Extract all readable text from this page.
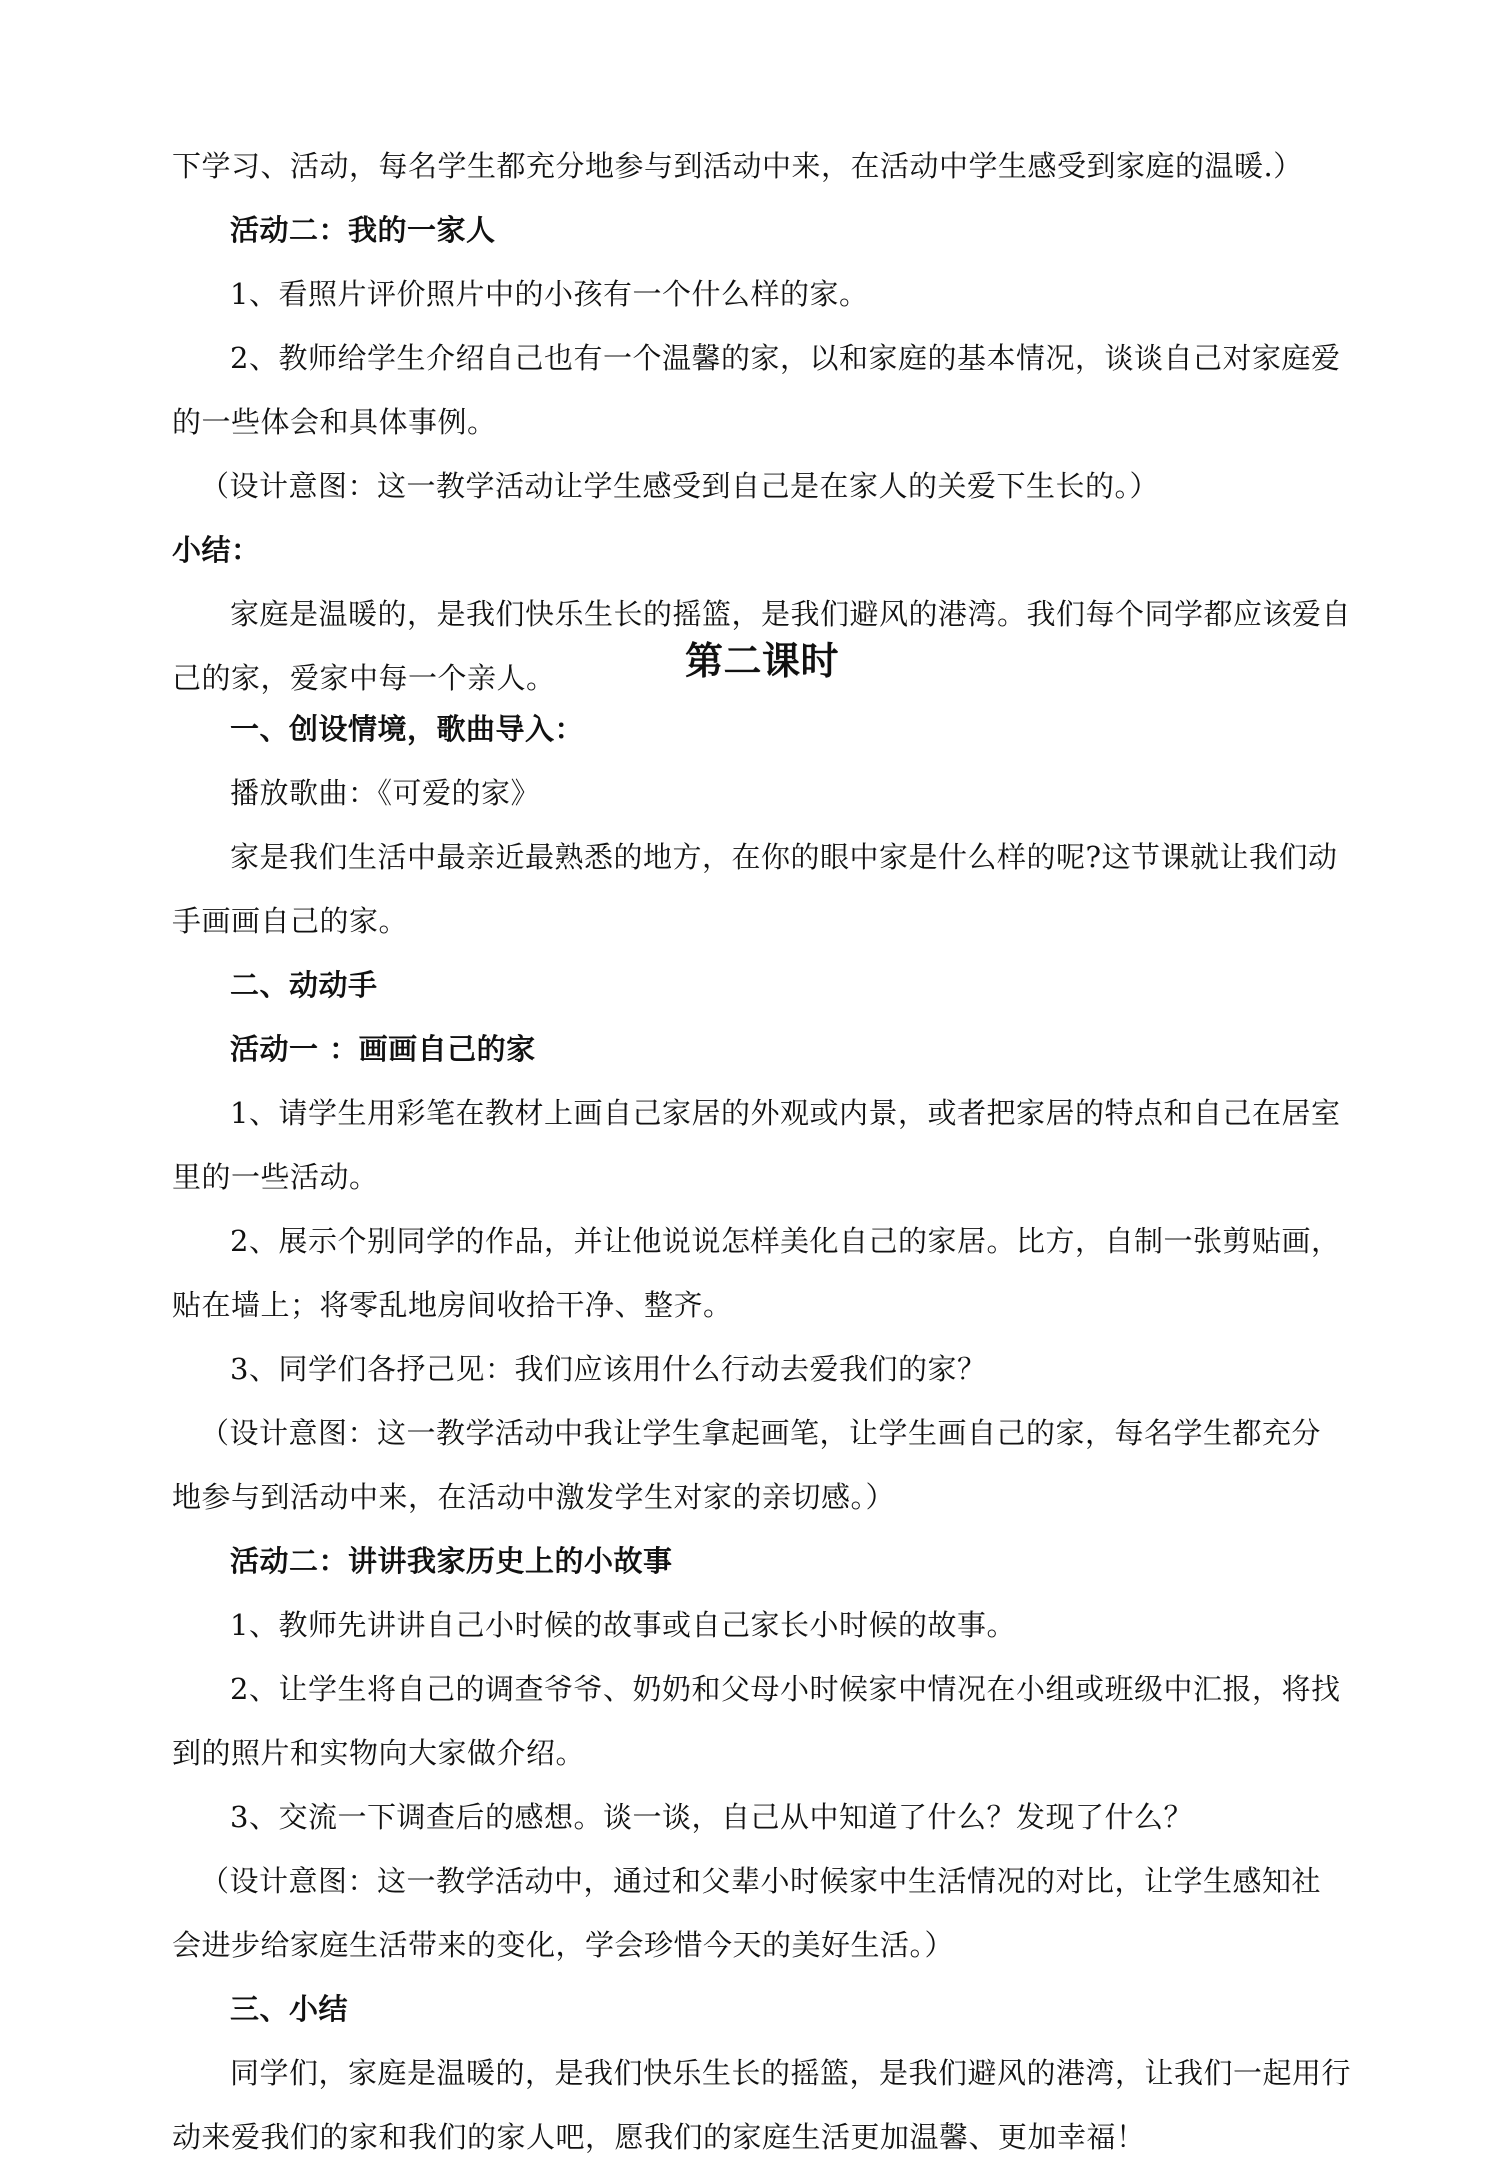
下学习、活动，每名学生都充分地参与到活动中来，在活动中学生感受到家庭的温暖.）
活动二：我的一家人
1、看照片评价照片中的小孩有一个什么样的家。
2、教师给学生介绍自己也有一个温馨的家，以和家庭的基本情况，谈谈自己对家庭爱
的一些体会和具体事例。
（设计意图：这一教学活动让学生感受到自己是在家人的关爱下生长的。）
小结：
家庭是温暖的，是我们快乐生长的摇篮，是我们避风的港湾。我们每个同学都应该爱自
己的家，爱家中每一个亲人。	第二课时
一、创设情境，歌曲导入：
播放歌曲：《可爱的家》
家是我们生活中最亲近最熟悉的地方，在你的眼中家是什么样的呢?这节课就让我们动
手画画自己的家。
二、动动手
活动一 ：画画自己的家
1、请学生用彩笔在教材上画自己家居的外观或内景，或者把家居的特点和自己在居室
里的一些活动。
2、展示个别同学的作品，并让他说说怎样美化自己的家居。比方，自制一张剪贴画，
贴在墙上；将零乱地房间收拾干净、整齐。
3、同学们各抒己见：我们应该用什么行动去爱我们的家？
（设计意图：这一教学活动中我让学生拿起画笔，让学生画自己的家，每名学生都充分
地参与到活动中来，在活动中激发学生对家的亲切感。）
活动二：讲讲我家历史上的小故事
1、教师先讲讲自己小时候的故事或自己家长小时候的故事。
2、让学生将自己的调查爷爷、奶奶和父母小时候家中情况在小组或班级中汇报，将找
到的照片和实物向大家做介绍。
3、交流一下调查后的感想。谈一谈，自己从中知道了什么？发现了什么？
（设计意图：这一教学活动中，通过和父辈小时候家中生活情况的对比，让学生感知社
会进步给家庭生活带来的变化，学会珍惜今天的美好生活。）
三、小结
同学们，家庭是温暖的，是我们快乐生长的摇篮，是我们避风的港湾，让我们一起用行
动来爱我们的家和我们的家人吧，愿我们的家庭生活更加温馨、更加幸福！
